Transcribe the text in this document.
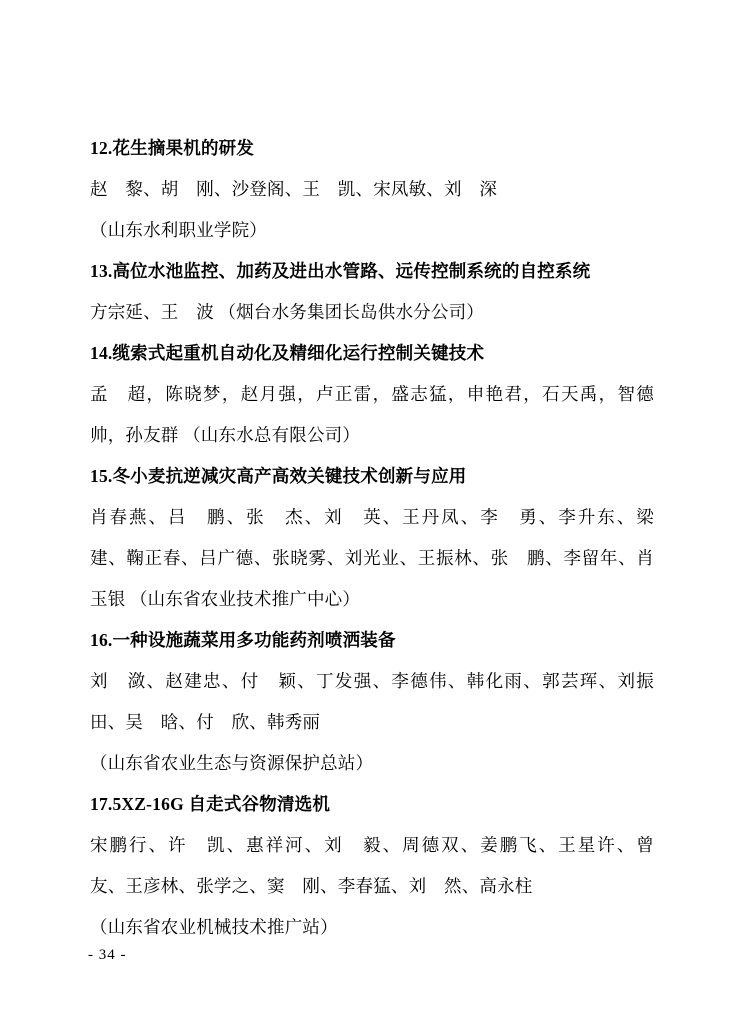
12.花生摘果机的研发

赵　黎、胡　刚、沙登阁、王　凯、宋凤敏、刘　深

（山东水利职业学院）

13.高位水池监控、加药及进出水管路、远传控制系统的自控系统

方宗延、王　波 （烟台水务集团长岛供水分公司）

14.缆索式起重机自动化及精细化运行控制关键技术

孟　超，陈晓梦，赵月强，卢正雷，盛志猛，申艳君，石天禹，智德帅，孙友群 （山东水总有限公司）

15.冬小麦抗逆减灾高产高效关键技术创新与应用

肖春燕、吕　鹏、张　杰、刘　英、王丹凤、李　勇、李升东、梁　建、鞠正春、吕广德、张晓雾、刘光业、王振林、张　鹏、李留年、肖玉银 （山东省农业技术推广中心）

16.一种设施蔬菜用多功能药剂喷洒装备

刘　潋、赵建忠、付　颖、丁发强、李德伟、韩化雨、郭芸珲、刘振田、吴　晗、付　欣、韩秀丽

（山东省农业生态与资源保护总站）

17.5XZ-16G 自走式谷物清选机

宋鹏行、许　凯、惠祥河、刘　毅、周德双、姜鹏飞、王星许、曾　友、王彦林、张学之、窦　刚、李春猛、刘　然、高永柱

（山东省农业机械技术推广站）

- 34 -
